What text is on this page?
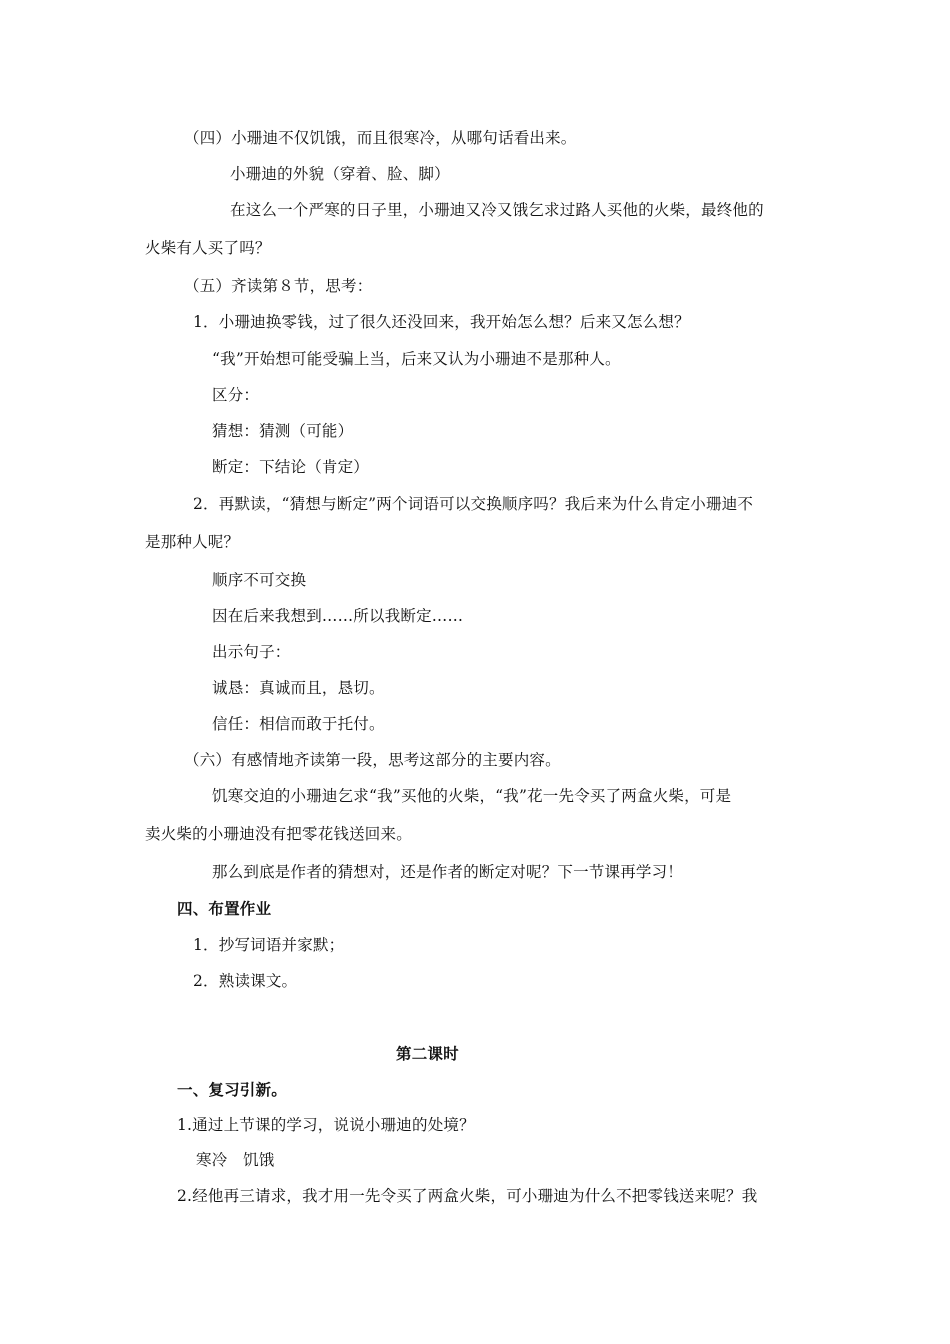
（四）小珊迪不仅饥饿，而且很寒冷，从哪句话看出来。
小珊迪的外貌（穿着、脸、脚）
在这么一个严寒的日子里，小珊迪又冷又饿乞求过路人买他的火柴，最终他的
火柴有人买了吗？
（五）齐读第８节，思考：
1．小珊迪换零钱，过了很久还没回来，我开始怎么想？后来又怎么想？
“我”开始想可能受骗上当，后来又认为小珊迪不是那种人。
区分：
猜想：猜测（可能）
断定：下结论（肯定）
2．再默读，“猜想与断定”两个词语可以交换顺序吗？我后来为什么肯定小珊迪不
是那种人呢？
顺序不可交换
因在后来我想到……所以我断定……
出示句子：
诚恳：真诚而且，恳切。
信任：相信而敢于托付。
（六）有感情地齐读第一段，思考这部分的主要内容。
饥寒交迫的小珊迪乞求“我”买他的火柴，“我”花一先令买了两盒火柴，可是
卖火柴的小珊迪没有把零花钱送回来。
那么到底是作者的猜想对，还是作者的断定对呢？下一节课再学习！
四、布置作业
1．抄写词语并家默；
2．熟读课文。
第二课时
一、复习引新。
1.通过上节课的学习，说说小珊迪的处境？
寒冷　饥饿
2.经他再三请求，我才用一先令买了两盒火柴，可小珊迪为什么不把零钱送来呢？我
